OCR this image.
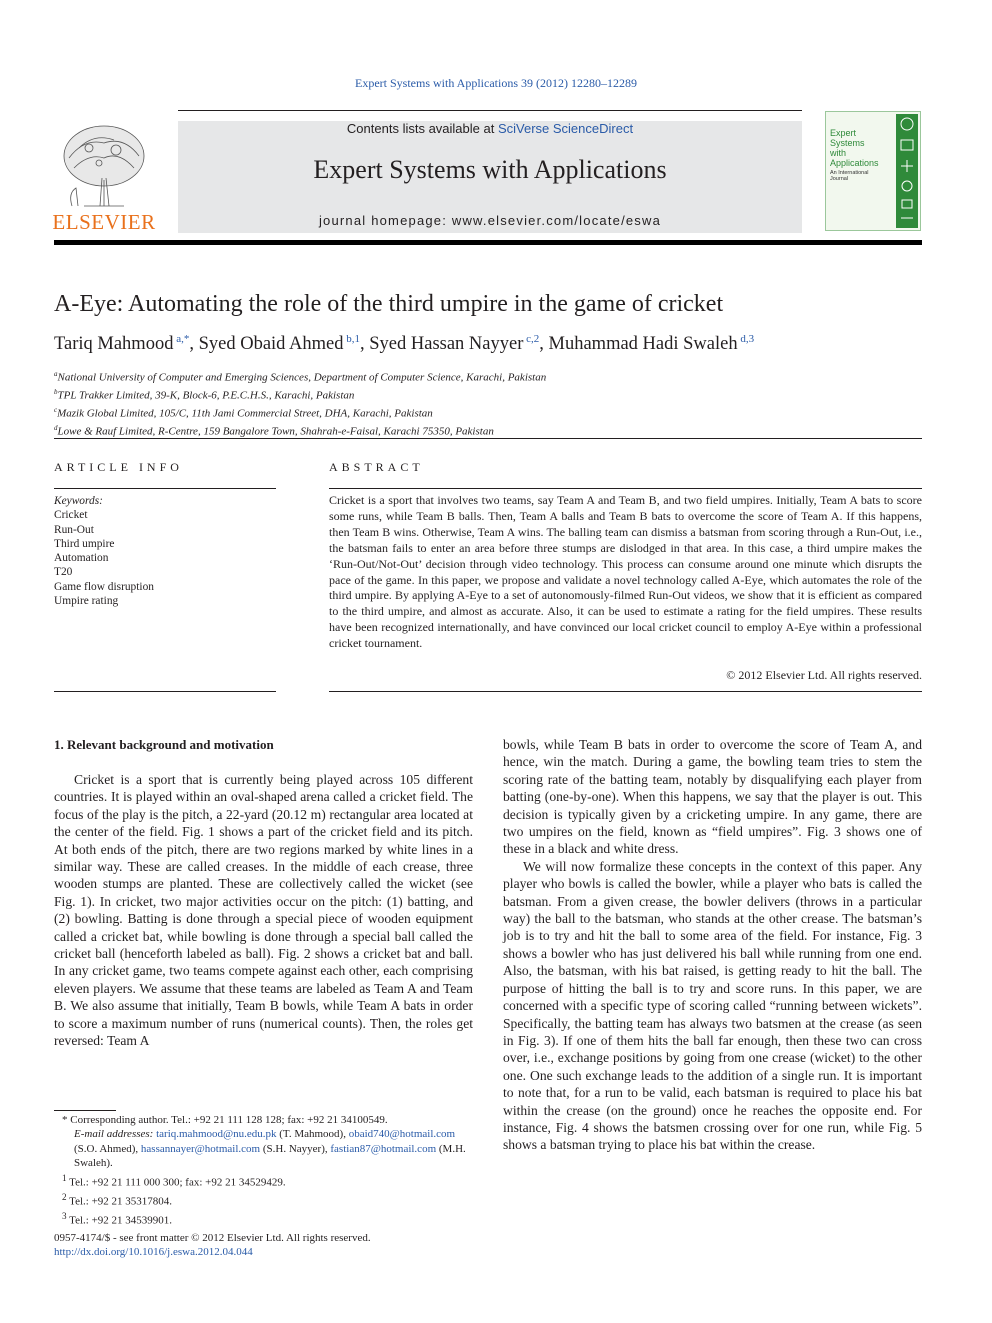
Expert Systems with Applications 39 (2012) 12280–12289
Contents lists available at SciVerse ScienceDirect
Expert Systems with Applications
journal homepage: www.elsevier.com/locate/eswa
ELSEVIER
Expert
Systems
with
Applications
An International
Journal
A-Eye: Automating the role of the third umpire in the game of cricket
Tariq Mahmood $^{a,*}$, Syed Obaid Ahmed $^{b,1}$, Syed Hassan Nayyer $^{c,2}$, Muhammad Hadi Swaleh $^{d,3}$
$^a$National University of Computer and Emerging Sciences, Department of Computer Science, Karachi, Pakistan
$^b$TPL Trakker Limited, 39-K, Block-6, P.E.C.H.S., Karachi, Pakistan
$^c$Mazik Global Limited, 105/C, 11th Jami Commercial Street, DHA, Karachi, Pakistan
$^d$Lowe & Rauf Limited, R-Centre, 159 Bangalore Town, Shahrah-e-Faisal, Karachi 75350, Pakistan
ARTICLE INFO
Keywords:
Cricket
Run-Out
Third umpire
Automation
T20
Game flow disruption
Umpire rating
ABSTRACT
Cricket is a sport that involves two teams, say Team A and Team B, and two field umpires. Initially, Team A bats to score some runs, while Team B balls. Then, Team A balls and Team B bats to overcome the score of Team A. If this happens, then Team B wins. Otherwise, Team A wins. The balling team can dismiss a batsman from scoring through a Run-Out, i.e., the batsman fails to enter an area before three stumps are dislodged in that area. In this case, a third umpire makes the ‘Run-Out/Not-Out’ decision through video technology. This process can consume around one minute which disrupts the pace of the game. In this paper, we propose and validate a novel technology called A-Eye, which automates the role of the third umpire. By applying A-Eye to a set of autonomously-filmed Run-Out videos, we show that it is efficient as compared to the third umpire, and almost as accurate. Also, it can be used to estimate a rating for the field umpires. These results have been recognized internationally, and have convinced our local cricket council to employ A-Eye within a professional cricket tournament.
© 2012 Elsevier Ltd. All rights reserved.
1. Relevant background and motivation

Cricket is a sport that is currently being played across 105 different countries. It is played within an oval-shaped arena called a cricket field. The focus of the play is the pitch, a 22-yard (20.12 m) rectangular area located at the center of the field. Fig. 1 shows a part of the cricket field and its pitch. At both ends of the pitch, there are two regions marked by white lines in a similar way. These are called creases. In the middle of each crease, three wooden stumps are planted. These are collectively called the wicket (see Fig. 1). In cricket, two major activities occur on the pitch: (1) batting, and (2) bowling. Batting is done through a special piece of wooden equipment called a cricket bat, while bowling is done through a special ball called the cricket ball (henceforth labeled as ball). Fig. 2 shows a cricket bat and ball. In any cricket game, two teams compete against each other, each comprising eleven players. We assume that these teams are labeled as Team A and Team B. We also assume that initially, Team B bowls, while Team A bats in order to score a maximum number of runs (numerical counts). Then, the roles get reversed: Team A

bowls, while Team B bats in order to overcome the score of Team A, and hence, win the match. During a game, the bowling team tries to stem the scoring rate of the batting team, notably by disqualifying each player from batting (one-by-one). When this happens, we say that the player is out. This decision is typically given by a cricketing umpire. In any game, there are two umpires on the field, known as “field umpires”. Fig. 3 shows one of these in a black and white dress.

We will now formalize these concepts in the context of this paper. Any player who bowls is called the bowler, while a player who bats is called the batsman. From a given crease, the bowler delivers (throws in a particular way) the ball to the batsman, who stands at the other crease. The batsman’s job is to try and hit the ball to some area of the field. For instance, Fig. 3 shows a bowler who has just delivered his ball while running from one end. Also, the batsman, with his bat raised, is getting ready to hit the ball. The purpose of hitting the ball is to try and score runs. In this paper, we are concerned with a specific type of scoring called “running between wickets”. Specifically, the batting team has always two batsmen at the crease (as seen in Fig. 3). If one of them hits the ball far enough, then these two can cross over, i.e., exchange positions by going from one crease (wicket) to the other one. One such exchange leads to the addition of a single run. It is important to note that, for a run to be valid, each batsman is required to place his bat within the crease (on the ground) once he reaches the opposite end. For instance, Fig. 4 shows the batsmen crossing over for one run, while Fig. 5 shows a batsman trying to place his bat within the crease.

* Corresponding author. Tel.: +92 21 111 128 128; fax: +92 21 34100549.

E-mail addresses: tariq.mahmood@nu.edu.pk (T. Mahmood), obaid740@hotmail.com (S.O. Ahmed), hassannayer@hotmail.com (S.H. Nayyer), fastian87@hotmail.com (M.H. Swaleh).

$^1$ Tel.: +92 21 111 000 300; fax: +92 21 34529429.

$^2$ Tel.: +92 21 35317804.

$^3$ Tel.: +92 21 34539901.

0957-4174/$ - see front matter © 2012 Elsevier Ltd. All rights reserved.
http://dx.doi.org/10.1016/j.eswa.2012.04.044
